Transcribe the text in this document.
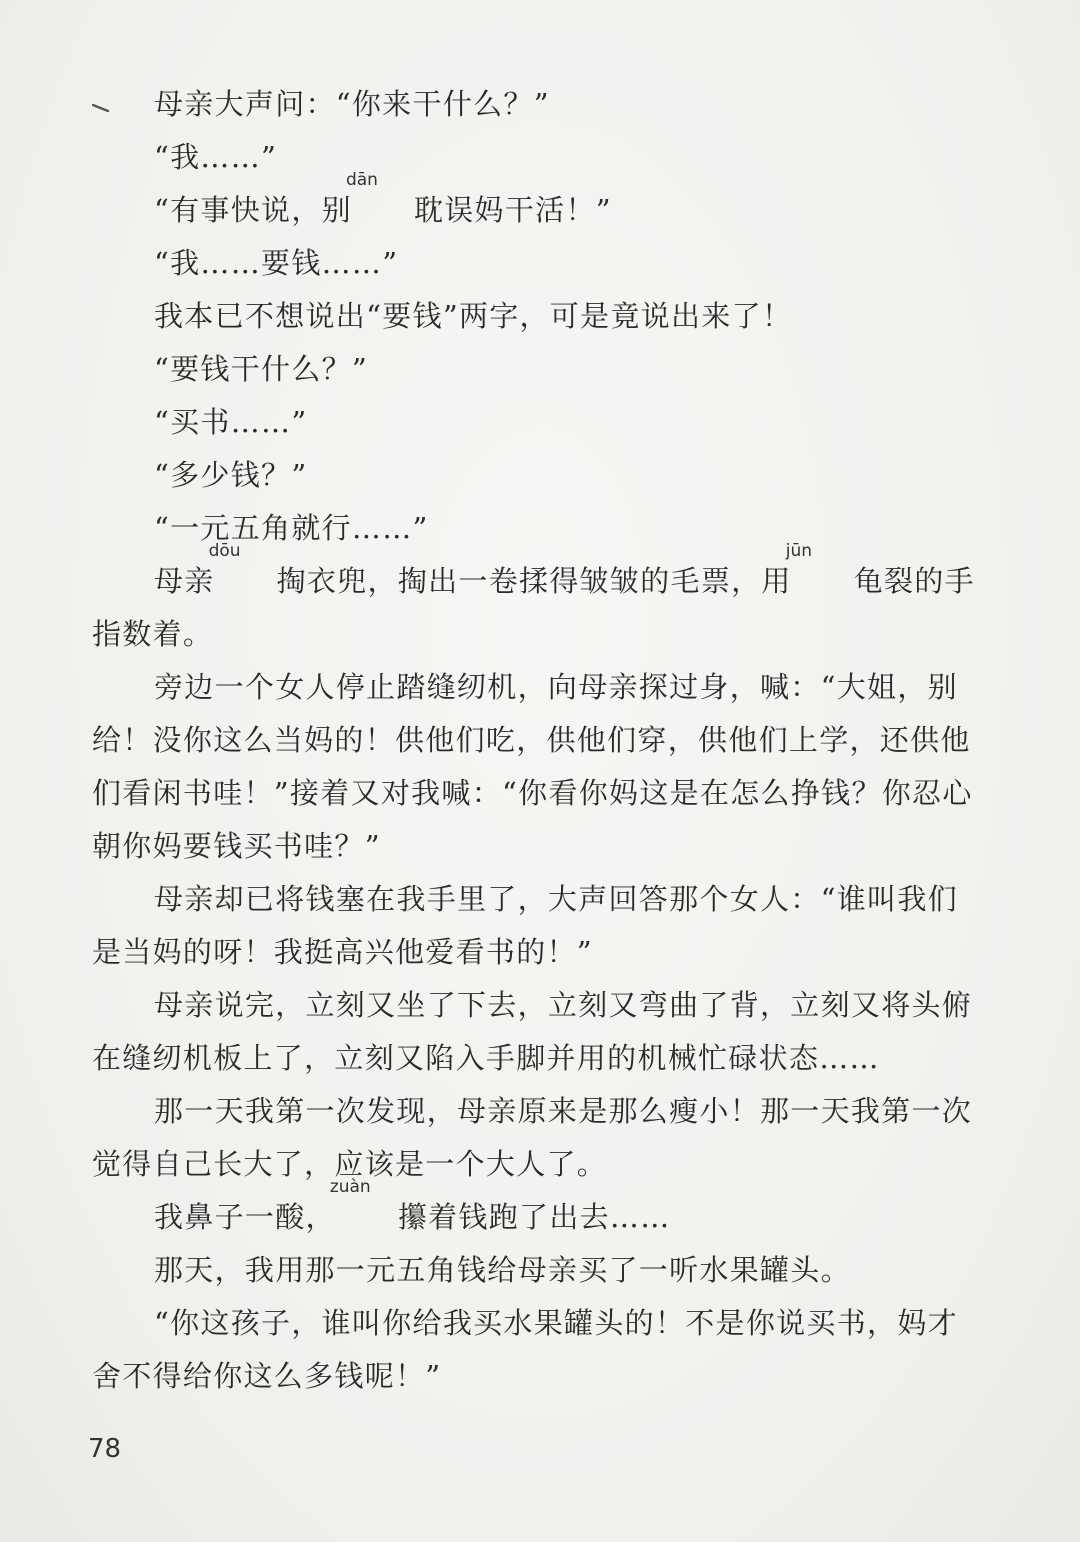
母亲大声问：“你来干什么？”

“我……”

“有事快说，别
dān
耽误妈干活！”

“我……要钱……”

我本已不想说出“要钱”两字，可是竟说出来了！

“要钱干什么？”

“买书……”

“多少钱？”

“一元五角就行……”

母亲
dōu
掏衣兜，掏出一卷揉得皱皱的毛票，用
jūn
龟裂的手指数着。

旁边一个女人停止踏缝纫机，向母亲探过身，喊：“大姐，别给！没你这么当妈的！供他们吃，供他们穿，供他们上学，还供他们看闲书哇！”接着又对我喊：“你看你妈这是在怎么挣钱？你忍心朝你妈要钱买书哇？”

母亲却已将钱塞在我手里了，大声回答那个女人：“谁叫我们是当妈的呀！我挺高兴他爱看书的！”

母亲说完，立刻又坐了下去，立刻又弯曲了背，立刻又将头俯在缝纫机板上了，立刻又陷入手脚并用的机械忙碌状态……

那一天我第一次发现，母亲原来是那么瘦小！那一天我第一次觉得自己长大了，应该是一个大人了。

我鼻子一酸，
zuàn
攥着钱跑了出去……

那天，我用那一元五角钱给母亲买了一听水果罐头。

“你这孩子，谁叫你给我买水果罐头的！不是你说买书，妈才舍不得给你这么多钱呢！”

78
